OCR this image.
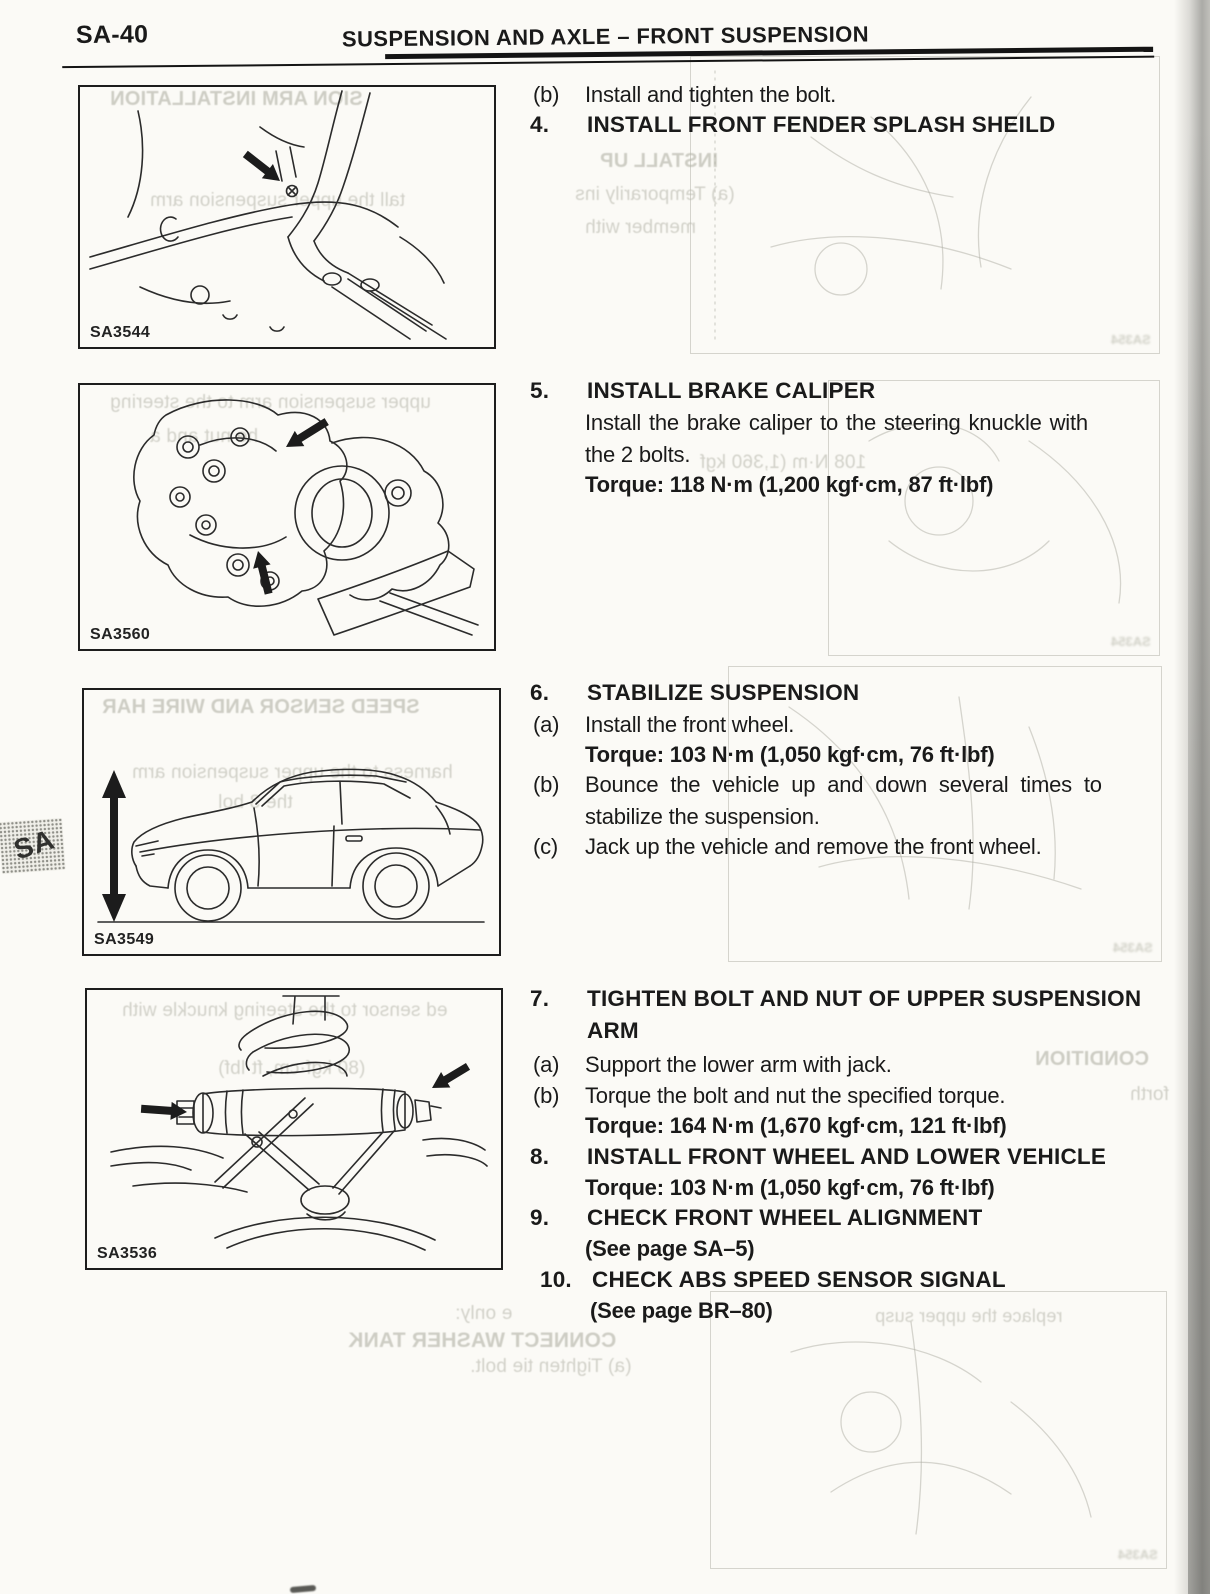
SA354
SA354
SA354
SA354
SION ARM INSTALLATION
tall the upper suspension arm
INSTALL UP
(a) Temporarily ins
member with
upper suspension arm to the steering
he nut and a
108 N·m (1,360 kgf
SPEED SENSOR AND WIRE HAR
harness to the upper suspension arm
the 3 bol
ed sensor to the steering knuckle with
(80 kgf·cm, ft·lbf)	CONDITION
forth
replace the upper susp
e only:
CONNECT WASHER TANK
(a) Tighten tie bolt.
SA-40	SUSPENSION AND AXLE – FRONT SUSPENSION
SA3544
SA3560
SA3549
SA3536
(b) Install and tighten the bolt.
4. INSTALL FRONT FENDER SPLASH SHEILD
5. INSTALL BRAKE CALIPER
Install the brake caliper to the steering knuckle with
the 2 bolts.
Torque: 118 N·m (1,200 kgf·cm, 87 ft·lbf)
6. STABILIZE SUSPENSION
(a) Install the front wheel.
Torque: 103 N·m (1,050 kgf·cm, 76 ft·lbf)
(b) Bounce the vehicle up and down several times to
stabilize the suspension.
(c) Jack up the vehicle and remove the front wheel.
7. TIGHTEN BOLT AND NUT OF UPPER SUSPENSION
ARM
(a) Support the lower arm with jack.
(b) Torque the bolt and nut the specified torque.
Torque: 164 N·m (1,670 kgf·cm, 121 ft·lbf)
8. INSTALL FRONT WHEEL AND LOWER VEHICLE
Torque: 103 N·m (1,050 kgf·cm, 76 ft·lbf)
9. CHECK FRONT WHEEL ALIGNMENT
(See page SA–5)
10. CHECK ABS SPEED SENSOR SIGNAL
(See page BR–80)
SA
